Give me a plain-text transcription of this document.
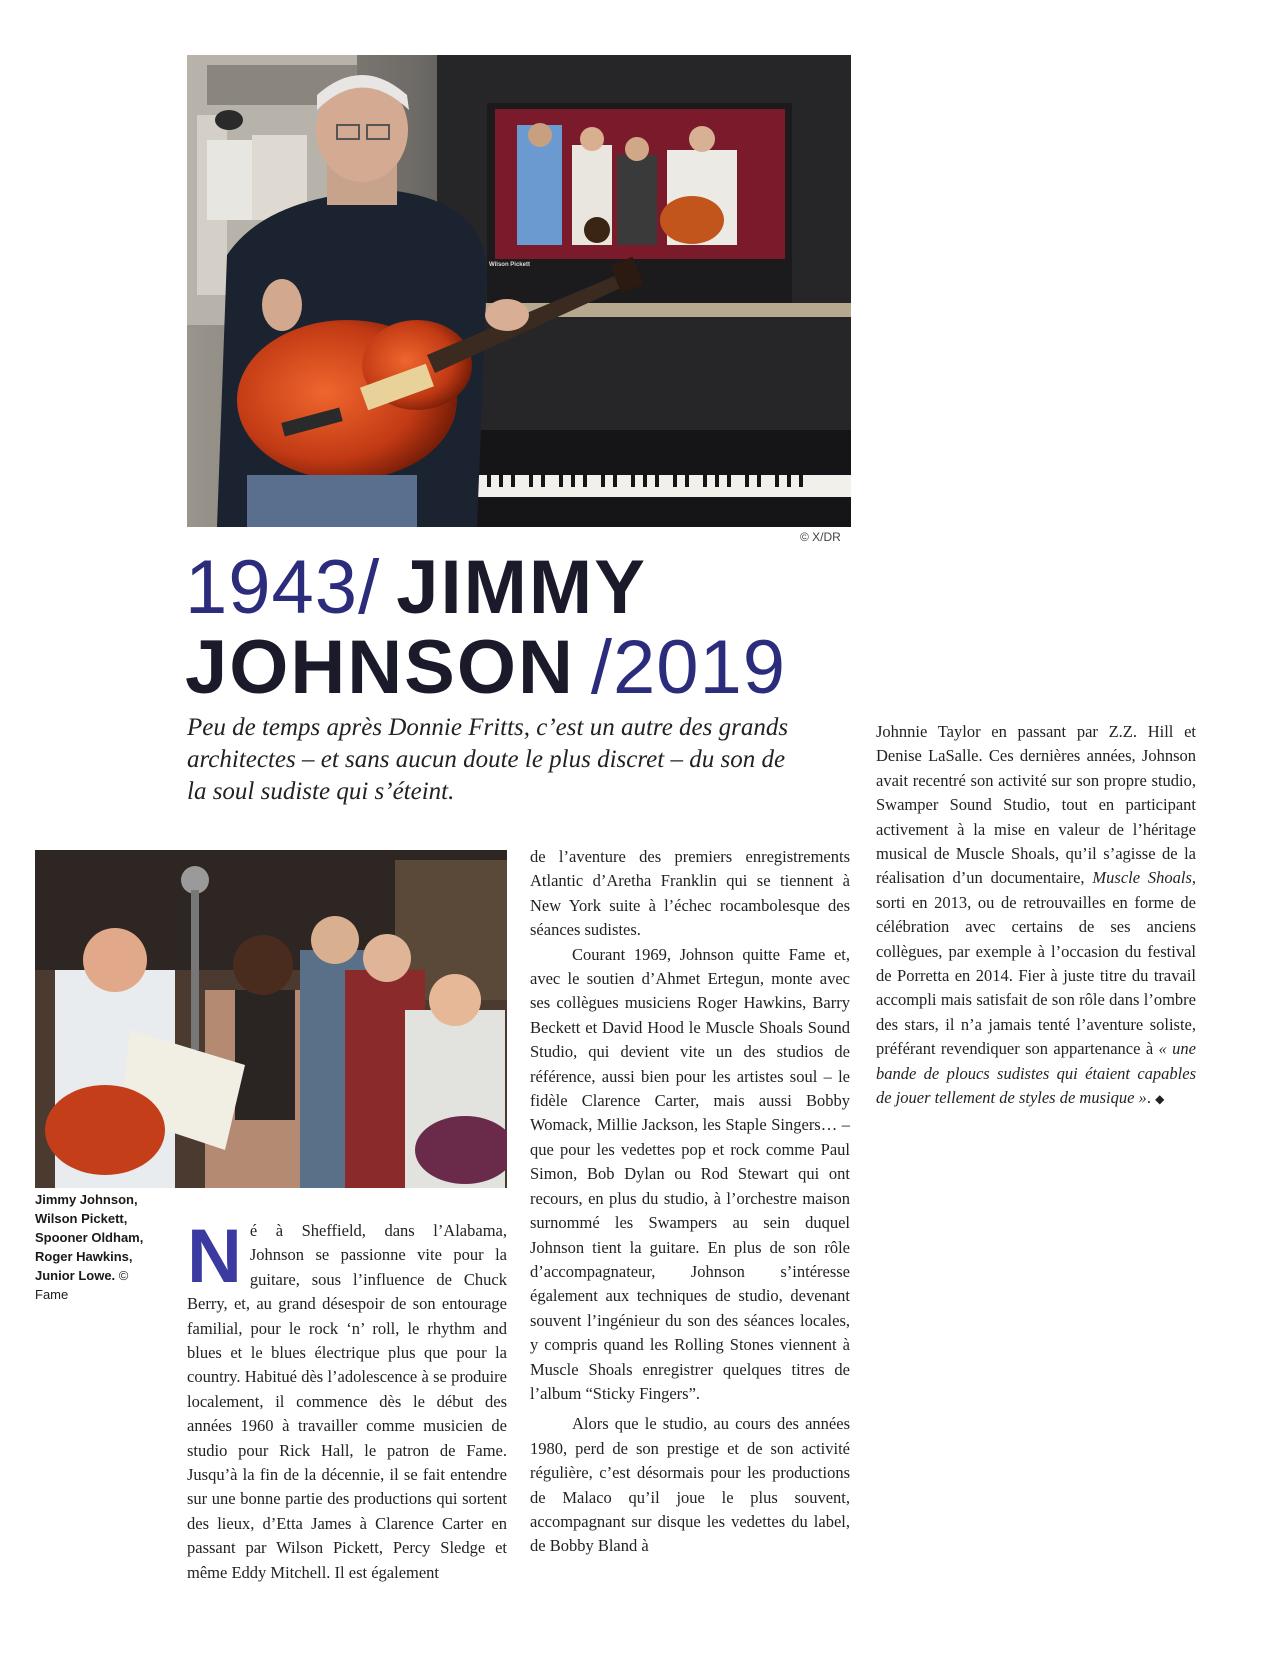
Wilson Pickett
© X/DR
1943/ JIMMY
JOHNSON /2019
Peu de temps après Donnie Fritts, c’est un autre des grands architectes – et sans aucun doute le plus discret – du son de la soul sudiste qui s’éteint.
Jimmy Johnson, Wilson Pickett, Spooner Oldham, Roger Hawkins, Junior Lowe. © Fame	Né à Sheffield, dans l’Alabama, Johnson se passionne vite pour la guitare, sous l’influence de Chuck Berry, et, au grand désespoir de son entourage familial, pour le rock ‘n’ roll, le rhythm and blues et le blues électrique plus que pour la country. Habitué dès l’adolescence à se produire localement, il commence dès le début des années 1960 à travailler comme musicien de studio pour Rick Hall, le patron de Fame. Jusqu’à la fin de la décennie, il se fait entendre sur une bonne partie des productions qui sortent des lieux, d’Etta James à Clarence Carter en passant par Wilson Pickett, Percy Sledge et même Eddy Mitchell. Il est également

de l’aventure des premiers enregistrements Atlantic d’Aretha Franklin qui se tiennent à New York suite à l’échec rocambolesque des séances sudistes.

Courant 1969, Johnson quitte Fame et, avec le soutien d’Ahmet Ertegun, monte avec ses collègues musiciens Roger Hawkins, Barry Beckett et David Hood le Muscle Shoals Sound Studio, qui devient vite un des studios de référence, aussi bien pour les artistes soul – le fidèle Clarence Carter, mais aussi Bobby Womack, Millie Jackson, les Staple Singers… – que pour les vedettes pop et rock comme Paul Simon, Bob Dylan ou Rod Stewart qui ont recours, en plus du studio, à l’orchestre maison surnommé les Swampers au sein duquel Johnson tient la guitare. En plus de son rôle d’accompagnateur, Johnson s’intéresse également aux techniques de studio, devenant souvent l’ingénieur du son des séances locales, y compris quand les Rolling Stones viennent à Muscle Shoals enregistrer quelques titres de l’album “Sticky Fingers”.

Alors que le studio, au cours des années 1980, perd de son prestige et de son activité régulière, c’est désormais pour les productions de Malaco qu’il joue le plus souvent, accompagnant sur disque les vedettes du label, de Bobby Bland à

Johnnie Taylor en passant par Z.Z. Hill et Denise LaSalle. Ces dernières années, Johnson avait recentré son activité sur son propre studio, Swamper Sound Studio, tout en participant activement à la mise en valeur de l’héritage musical de Muscle Shoals, qu’il s’agisse de la réalisation d’un documentaire, Muscle Shoals, sorti en 2013, ou de retrouvailles en forme de célébration avec certains de ses anciens collègues, par exemple à l’occasion du festival de Porretta en 2014. Fier à juste titre du travail accompli mais satisfait de son rôle dans l’ombre des stars, il n’a jamais tenté l’aventure soliste, préférant revendiquer son appartenance à « une bande de ploucs sudistes qui étaient capables de jouer tellement de styles de musique ». ◆
